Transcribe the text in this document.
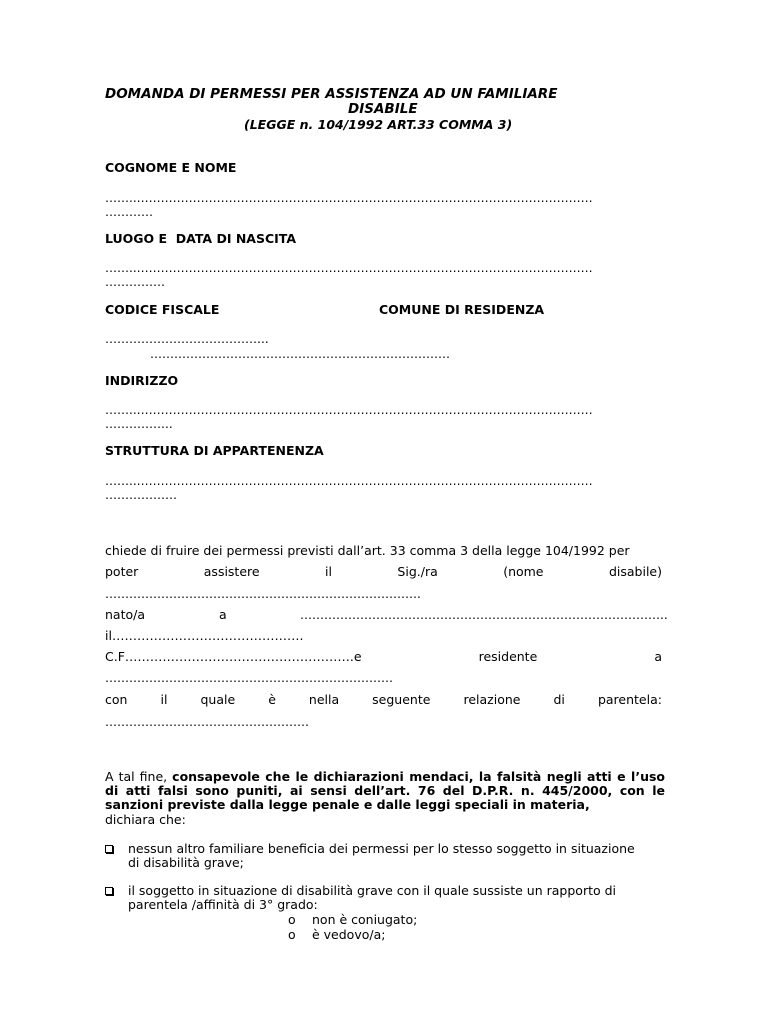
DOMANDA DI PERMESSI PER ASSISTENZA AD UN FAMILIARE
DISABILE
(LEGGE n. 104/1992 ART.33 COMMA 3)
COGNOME E NOME
……..……………………………………………………………………………………………………
…………
LUOGO E  DATA DI NASCITA
……..……………………………………………………………………………………………………
……………
CODICE FISCALE	COMUNE DI RESIDENZA
…………………………………..
…………………………………………………………………
INDIRIZZO
……..……………………………………………………………………………………………………
……………..
STRUTTURA DI APPARTENENZA
……..……………………………………………………………………………………………………
………………
chiede di fruire dei permessi previsti dall’art. 33 comma 3 della legge 104/1992 per
poter	assistere	il	Sig./ra	(nome	disabile)
…………………………………………………………………….
nato/a	a	………………………………………………………………………………..
il……………………………………….
C.F……………………………………………….e	residente	a
………………………………………………………………
con	il	quale	è	nella	seguente	relazione	di	parentela:
……………………………………………
A tal fine, consapevole che le dichiarazioni mendaci, la falsità negli atti e l’uso di atti falsi sono puniti, ai sensi dell’art. 76 del D.P.R. n. 445/2000, con le sanzioni previste dalla legge penale e dalle leggi speciali in materia,
dichiara che:
nessun altro familiare beneficia dei permessi per lo stesso soggetto in situazione
di disabilità grave;
il soggetto in situazione di disabilità grave con il quale sussiste un rapporto di
parentela /affinità di 3° grado:
o non è coniugato;
o è vedovo/a;
